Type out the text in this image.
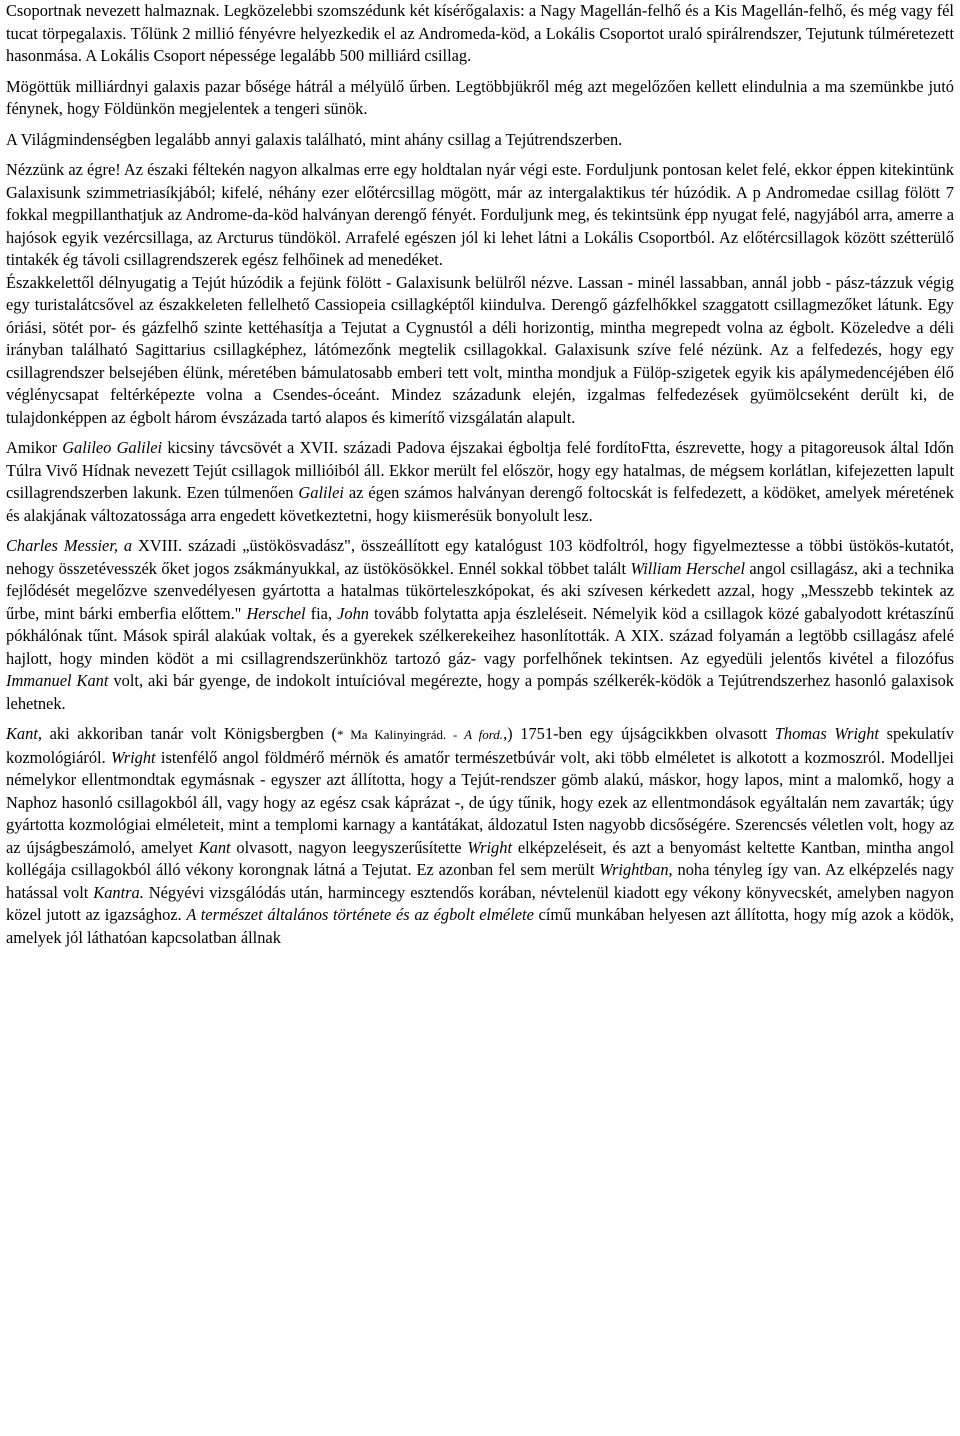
Csoportnak nevezett halmaznak. Legközelebbi szomszédunk két kísérőgalaxis: a Nagy Magellán-felhő és a Kis Magellán-felhő, és még vagy fél tucat törpegalaxis. Tőlünk 2 millió fényévre helyezkedik el az Andromeda-köd, a Lokális Csoportot uraló spirálrendszer, Tejutunk túlméretezett hasonmása. A Lokális Csoport népessége legalább 500 milliárd csillag.

Mögöttük milliárdnyi galaxis pazar bősége hátrál a mélyülő űrben. Legtöbbjükről még azt megelőzően kellett elindulnia a ma szemünkbe jutó fénynek, hogy Földünkön megjelentek a tengeri sünök.

A Világmindenségben legalább annyi galaxis található, mint ahány csillag a Tejútrendszerben.

Nézzünk az égre! Az északi féltekén nagyon alkalmas erre egy holdtalan nyár végi este. Forduljunk pontosan kelet felé, ekkor éppen kitekintünk Galaxisunk szimmetriasíkjából; kifelé, néhány ezer előtércsillag mögött, már az intergalaktikus tér húzódik. A p Andromedae csillag fölött 7 fokkal megpillanthatjuk az Androme-da-köd halványan derengő fényét. Forduljunk meg, és tekintsünk épp nyugat felé, nagyjából arra, amerre a hajósok egyik vezércsillaga, az Arcturus tündököl. Arrafelé egészen jól ki lehet látni a Lokális Csoportból. Az előtércsillagok között szétterülő tintakék ég távoli csillagrendszerek egész felhőinek ad menedéket.

Északkelettől délnyugatig a Tejút húzódik a fejünk fölött - Galaxisunk belülről nézve. Lassan - minél lassabban, annál jobb - pász-tázzuk végig egy turistalátcsővel az északkeleten fellelhető Cassiopeia csillagképtől kiindulva. Derengő gázfelhőkkel szaggatott csillagmezőket látunk. Egy óriási, sötét por- és gázfelhő szinte kettéhasítja a Tejutat a Cygnustól a déli horizontig, mintha megrepedt volna az égbolt. Közeledve a déli irányban található Sagittarius csillagképhez, látómezőnk megtelik csillagokkal. Galaxisunk szíve felé nézünk. Az a felfedezés, hogy egy csillagrendszer belsejében élünk, méretében bámulatosabb emberi tett volt, mintha mondjuk a Fülöp-szigetek egyik kis apálymedencéjében élő véglénycsapat feltérképezte volna a Csendes-óceánt. Mindez századunk elején, izgalmas felfedezések gyümölcseként derült ki, de tulajdonképpen az égbolt három évszázada tartó alapos és kimerítő vizsgálatán alapult.

Amikor Galileo Galilei kicsiny távcsövét a XVII. századi Padova éjszakai égboltja felé fordítoFtta, észrevette, hogy a pitagoreusok által Időn Túlra Vivő Hídnak nevezett Tejút csillagok millióiból áll. Ekkor merült fel először, hogy egy hatalmas, de mégsem korlátlan, kifejezetten lapult csillagrendszerben lakunk. Ezen túlmenően Galilei az égen számos halványan derengő foltocskát is felfedezett, a ködöket, amelyek méretének és alakjának változatossága arra engedett következtetni, hogy kiismerésük bonyolult lesz.

Charles Messier, a XVIII. századi „üstökösvadász", összeállított egy katalógust 103 ködfoltról, hogy figyelmeztesse a többi üstökös-kutatót, nehogy összetévesszék őket jogos zsákmányukkal, az üstökösökkel. Ennél sokkal többet talált William Herschel angol csillagász, aki a technika fejlődését megelőzve szenvedélyesen gyártotta a hatalmas tükörteleszkópokat, és aki szívesen kérkedett azzal, hogy „Messzebb tekintek az űrbe, mint bárki emberfia előttem." Herschel fia, John tovább folytatta apja észleléseit. Némelyik köd a csillagok közé gabalyodott krétaszínű pókhálónak tűnt. Mások spirál alakúak voltak, és a gyerekek szélkerekeihez hasonlították. A XIX. század folyamán a legtöbb csillagász afelé hajlott, hogy minden ködöt a mi csillagrendszerünkhöz tartozó gáz- vagy porfelhőnek tekintsen. Az egyedüli jelentős kivétel a filozófus Immanuel Kant volt, aki bár gyenge, de indokolt intuícióval megérezte, hogy a pompás szélkerék-ködök a Tejútrendszerhez hasonló galaxisok lehetnek.

Kant, aki akkoriban tanár volt Königsbergben (* Ma Kalinyingrád. - A ford.,) 1751-ben egy újságcikkben olvasott Thomas Wright spekulatív kozmológiáról. Wright istenfélő angol földmérő mérnök és amatőr természetbúvár volt, aki több elméletet is alkotott a kozmoszról. Modelljei némelykor ellentmondtak egymásnak - egyszer azt állította, hogy a Tejút-rendszer gömb alakú, máskor, hogy lapos, mint a malomkő, hogy a Naphoz hasonló csillagokból áll, vagy hogy az egész csak káprázat -, de úgy tűnik, hogy ezek az ellentmondások egyáltalán nem zavarták; úgy gyártotta kozmológiai elméleteit, mint a templomi karnagy a kantátákat, áldozatul Isten nagyobb dicsőségére. Szerencsés véletlen volt, hogy az az újságbeszámoló, amelyet Kant olvasott, nagyon leegyszerűsítette Wright elképzeléseit, és azt a benyomást keltette Kantban, mintha angol kollégája csillagokból álló vékony korongnak látná a Tejutat. Ez azonban fel sem merült Wrightban, noha tényleg így van. Az elképzelés nagy hatással volt Kantra. Négyévi vizsgálódás után, harmincegy esztendős korában, névtelenül kiadott egy vékony könyvecskét, amelyben nagyon közel jutott az igazsághoz. A természet általános története és az égbolt elmélete című munkában helyesen azt állította, hogy míg azok a ködök, amelyek jól láthatóan kapcsolatban állnak
